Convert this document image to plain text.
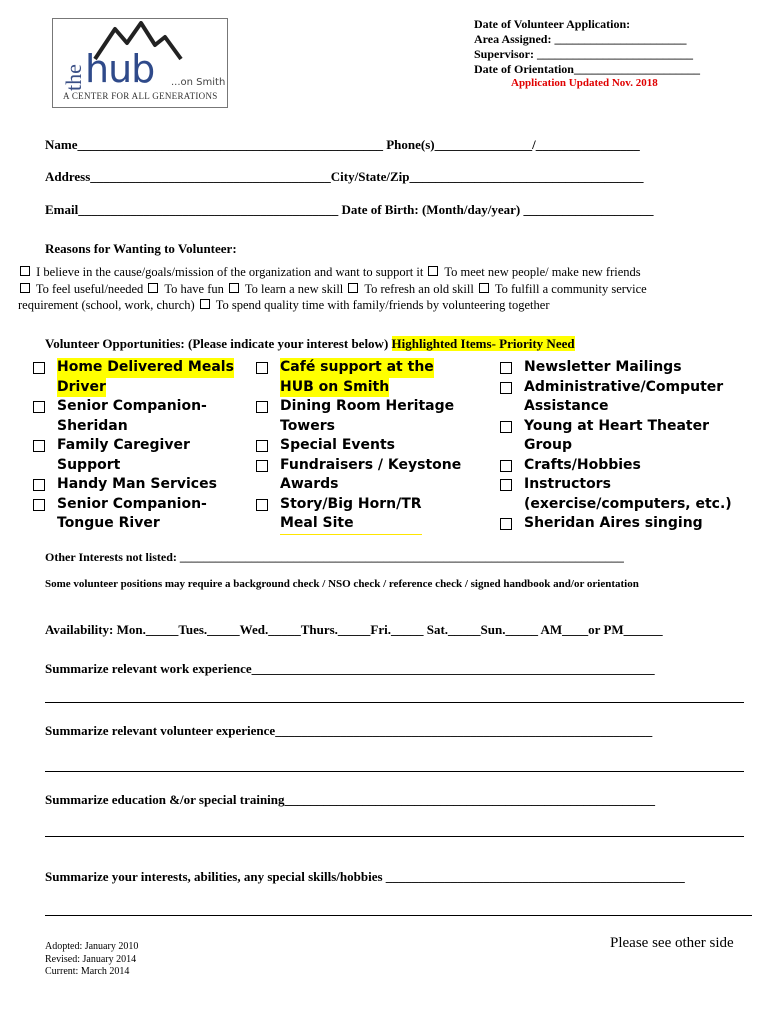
the hub ...on Smith
A CENTER FOR ALL GENERATIONS
Date of Volunteer Application:
Area Assigned: ______________________
Supervisor: __________________________
Date of Orientation_____________________
Application Updated Nov. 2018
Name_______________________________________________ Phone(s)_______________/________________
Address_____________________________________City/State/Zip____________________________________
Email________________________________________ Date of Birth: (Month/day/year) ____________________
Reasons for Wanting to Volunteer:
I believe in the cause/goals/mission of the organization and want to support it  To meet new people/ make new friends
To feel useful/needed  To have fun  To learn a new skill  To refresh an old skill  To fulfill a community service
requirement (school, work, church)  To spend quality time with family/friends by volunteering together
Volunteer Opportunities: (Please indicate your interest below) Highlighted Items- Priority Need
Home Delivered Meals
Driver
Senior Companion-
Sheridan
Family Caregiver
Support
Handy Man Services
Senior Companion-
Tongue River
Café support at the
HUB on Smith
Dining Room Heritage
Towers
Special Events
Fundraisers / Keystone
Awards
Story/Big Horn/TR
Meal Site
Newsletter Mailings
Administrative/Computer
Assistance
Young at Heart Theater
Group
Crafts/Hobbies
Instructors
(exercise/computers, etc.)
Sheridan Aires singing
Other Interests not listed: __________________________________________________________________________
Some volunteer positions may require a background check / NSO check / reference check / signed handbook and/or orientation
Availability: Mon._____Tues._____Wed._____Thurs._____Fri._____ Sat._____Sun._____ AM____or PM______
Summarize relevant work experience______________________________________________________________
Summarize relevant volunteer experience__________________________________________________________
Summarize education &/or special training_________________________________________________________
Summarize your interests, abilities, any special skills/hobbies ______________________________________________
Adopted: January 2010
Revised: January 2014
Current: March 2014
Please see other side
